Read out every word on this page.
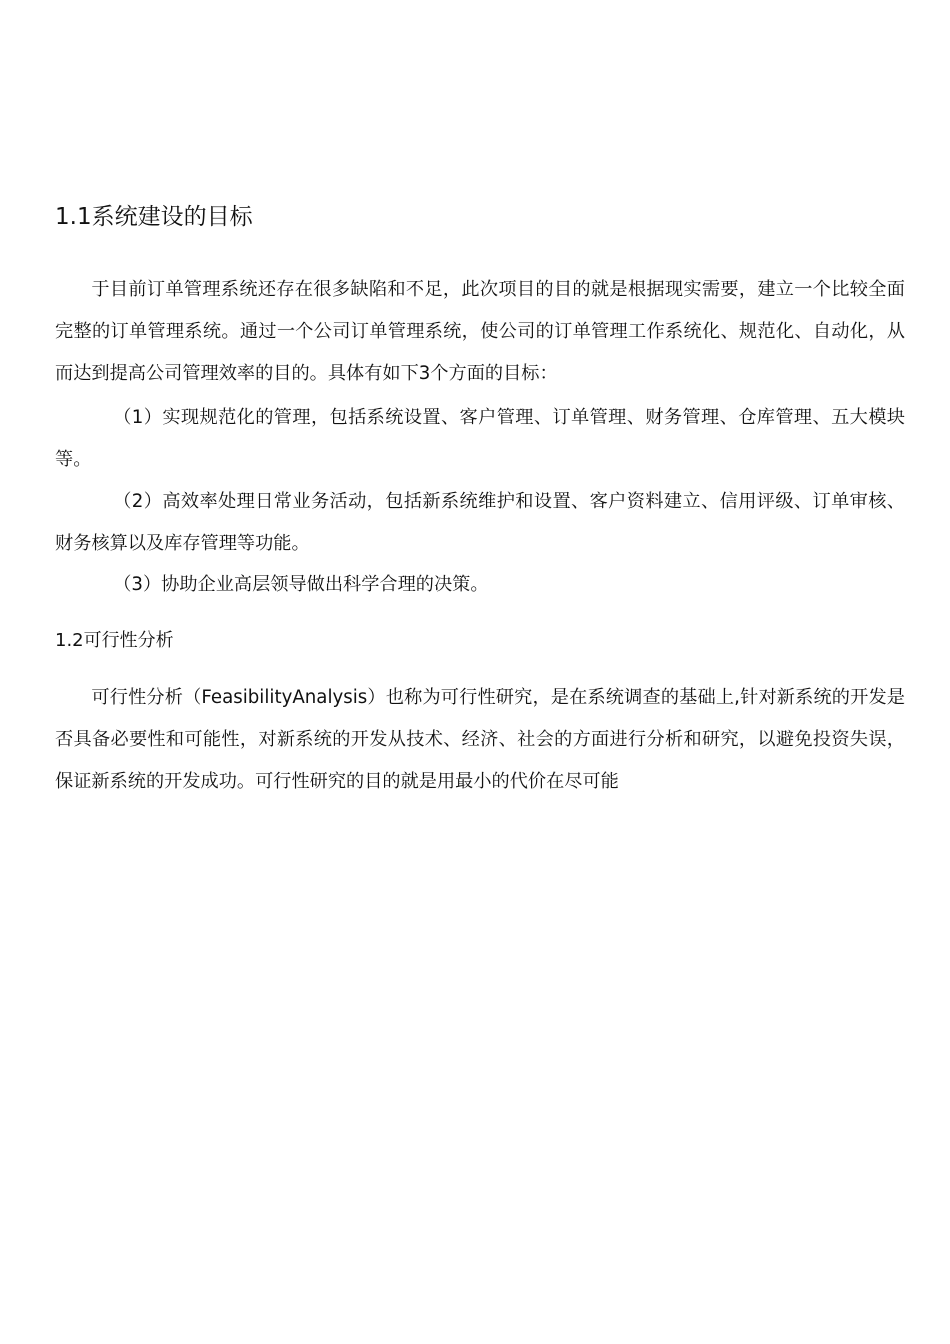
1.1系统建设的目标

于目前订单管理系统还存在很多缺陷和不足，此次项目的目的就是根据现实需要，建立一个比较全面完整的订单管理系统。通过一个公司订单管理系统，使公司的订单管理工作系统化、规范化、自动化，从而达到提高公司管理效率的目的。具体有如下3个方面的目标：

（1）实现规范化的管理，包括系统设置、客户管理、订单管理、财务管理、仓库管理、五大模块等。

（2）高效率处理日常业务活动，包括新系统维护和设置、客户资料建立、信用评级、订单审核、财务核算以及库存管理等功能。

（3）协助企业高层领导做出科学合理的决策。

1.2可行性分析

可行性分析（FeasibilityAnalysis）也称为可行性研究，是在系统调查的基础上,针对新系统的开发是否具备必要性和可能性，对新系统的开发从技术、经济、社会的方面进行分析和研究，以避免投资失误，保证新系统的开发成功。可行性研究的目的就是用最小的代价在尽可能
